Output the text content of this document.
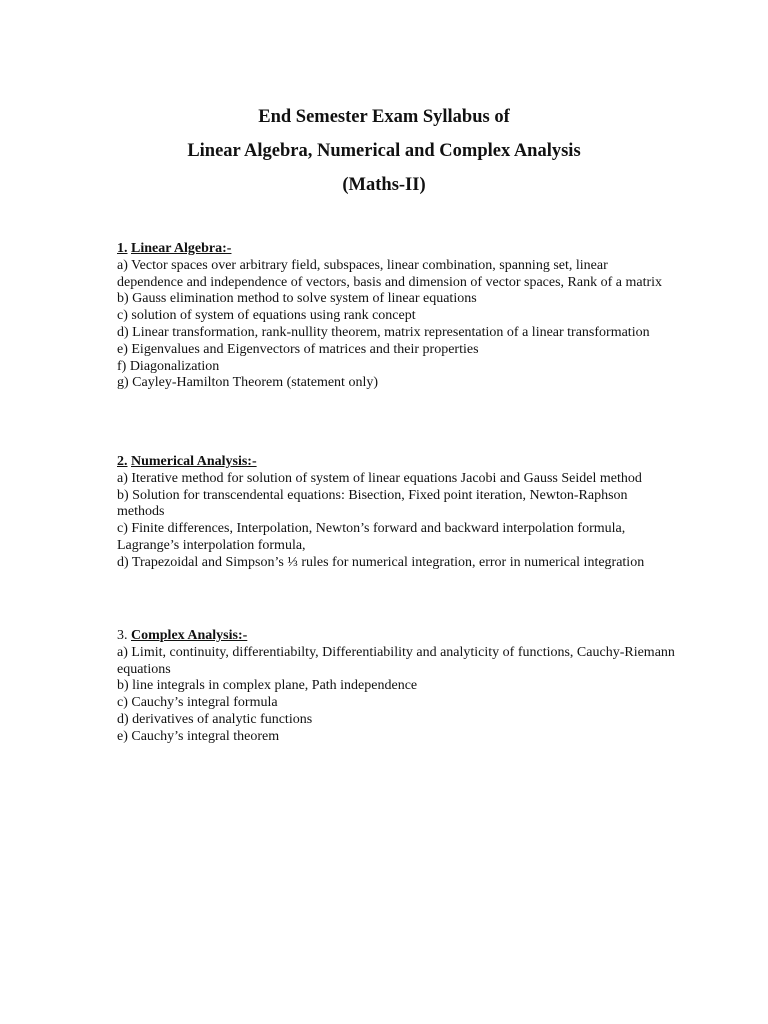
End Semester Exam Syllabus of
Linear Algebra, Numerical and Complex Analysis
(Maths-II)
1. Linear Algebra:-
a) Vector spaces over arbitrary field, subspaces, linear combination, spanning set, linear dependence and independence of vectors, basis and dimension of vector spaces, Rank of a matrix
b) Gauss elimination method to solve system of linear equations
c) solution of system of equations using rank concept
d) Linear transformation, rank-nullity theorem, matrix representation of a linear transformation
e) Eigenvalues and Eigenvectors of matrices and their properties
f) Diagonalization
g) Cayley-Hamilton Theorem (statement only)
2. Numerical Analysis:-
a) Iterative method for solution of system of linear equations Jacobi and Gauss Seidel method
b) Solution for transcendental equations: Bisection, Fixed point iteration, Newton-Raphson methods
c) Finite differences, Interpolation, Newton’s forward and backward interpolation formula, Lagrange’s interpolation formula,
d) Trapezoidal and Simpson’s ⅓ rules for numerical integration, error in numerical integration
3. Complex Analysis:-
a) Limit, continuity, differentiabilty, Differentiability and analyticity of functions, Cauchy-Riemann equations
b) line integrals in complex plane, Path independence
c) Cauchy’s integral formula
d) derivatives of analytic functions
e) Cauchy’s integral theorem
